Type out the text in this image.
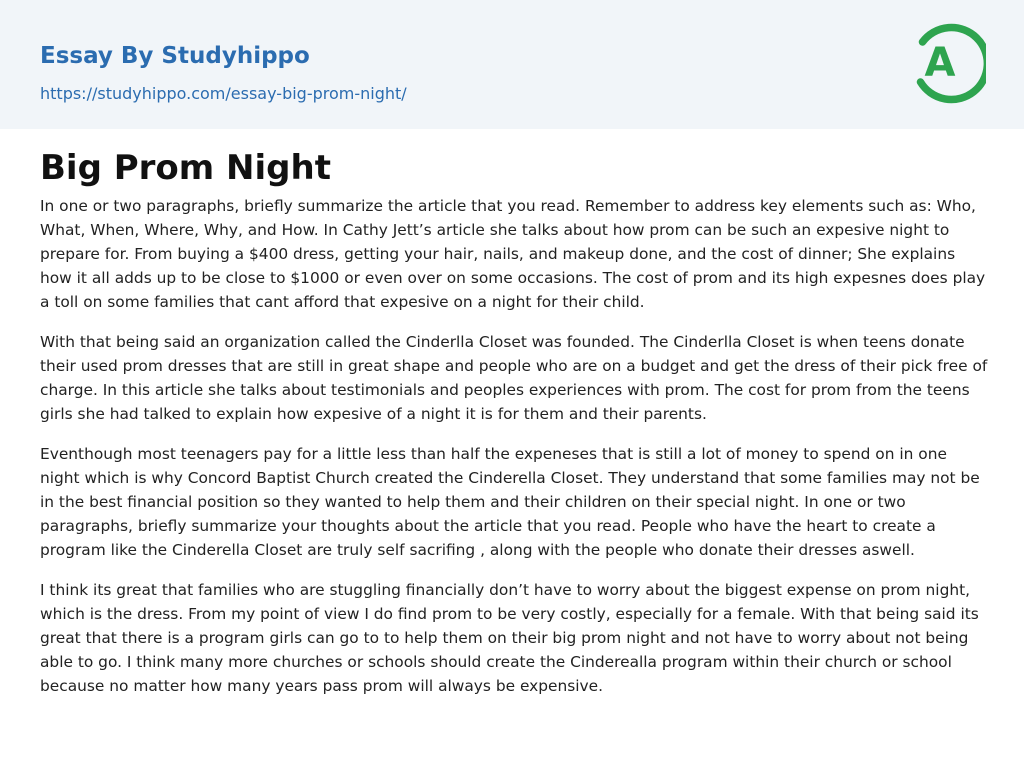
Essay By Studyhippo
https://studyhippo.com/essay-big-prom-night/
A
Big Prom Night

In one or two paragraphs, briefly summarize the article that you read. Remember to address key elements such as: Who, What, When, Where, Why, and How. In Cathy Jett’s article she talks about how prom can be such an expesive night to prepare for. From buying a $400 dress, getting your hair, nails, and makeup done, and the cost of dinner; She explains how it all adds up to be close to $1000 or even over on some occasions. The cost of prom and its high expesnes does play a toll on some families that cant afford that expesive on a night for their child.

With that being said an organization called the Cinderlla Closet was founded. The Cinderlla Closet is when teens donate their used prom dresses that are still in great shape and people who are on a budget and get the dress of their pick free of charge. In this article she talks about testimonials and peoples experiences with prom. The cost for prom from the teens girls she had talked to explain how expesive of a night it is for them and their parents.

Eventhough most teenagers pay for a little less than half the expeneses that is still a lot of money to spend on in one night which is why Concord Baptist Church created the Cinderella Closet. They understand that some families may not be in the best financial position so they wanted to help them and their children on their special night. In one or two paragraphs, briefly summarize your thoughts about the article that you read. People who have the heart to create a program like the Cinderella Closet are truly self sacrifing , along with the people who donate their dresses aswell.

I think its great that families who are stuggling financially don’t have to worry about the biggest expense on prom night, which is the dress. From my point of view I do find prom to be very costly, especially for a female. With that being said its great that there is a program girls can go to to help them on their big prom night and not have to worry about not being able to go. I think many more churches or schools should create the Cinderealla program within their church or school because no matter how many years pass prom will always be expensive.
